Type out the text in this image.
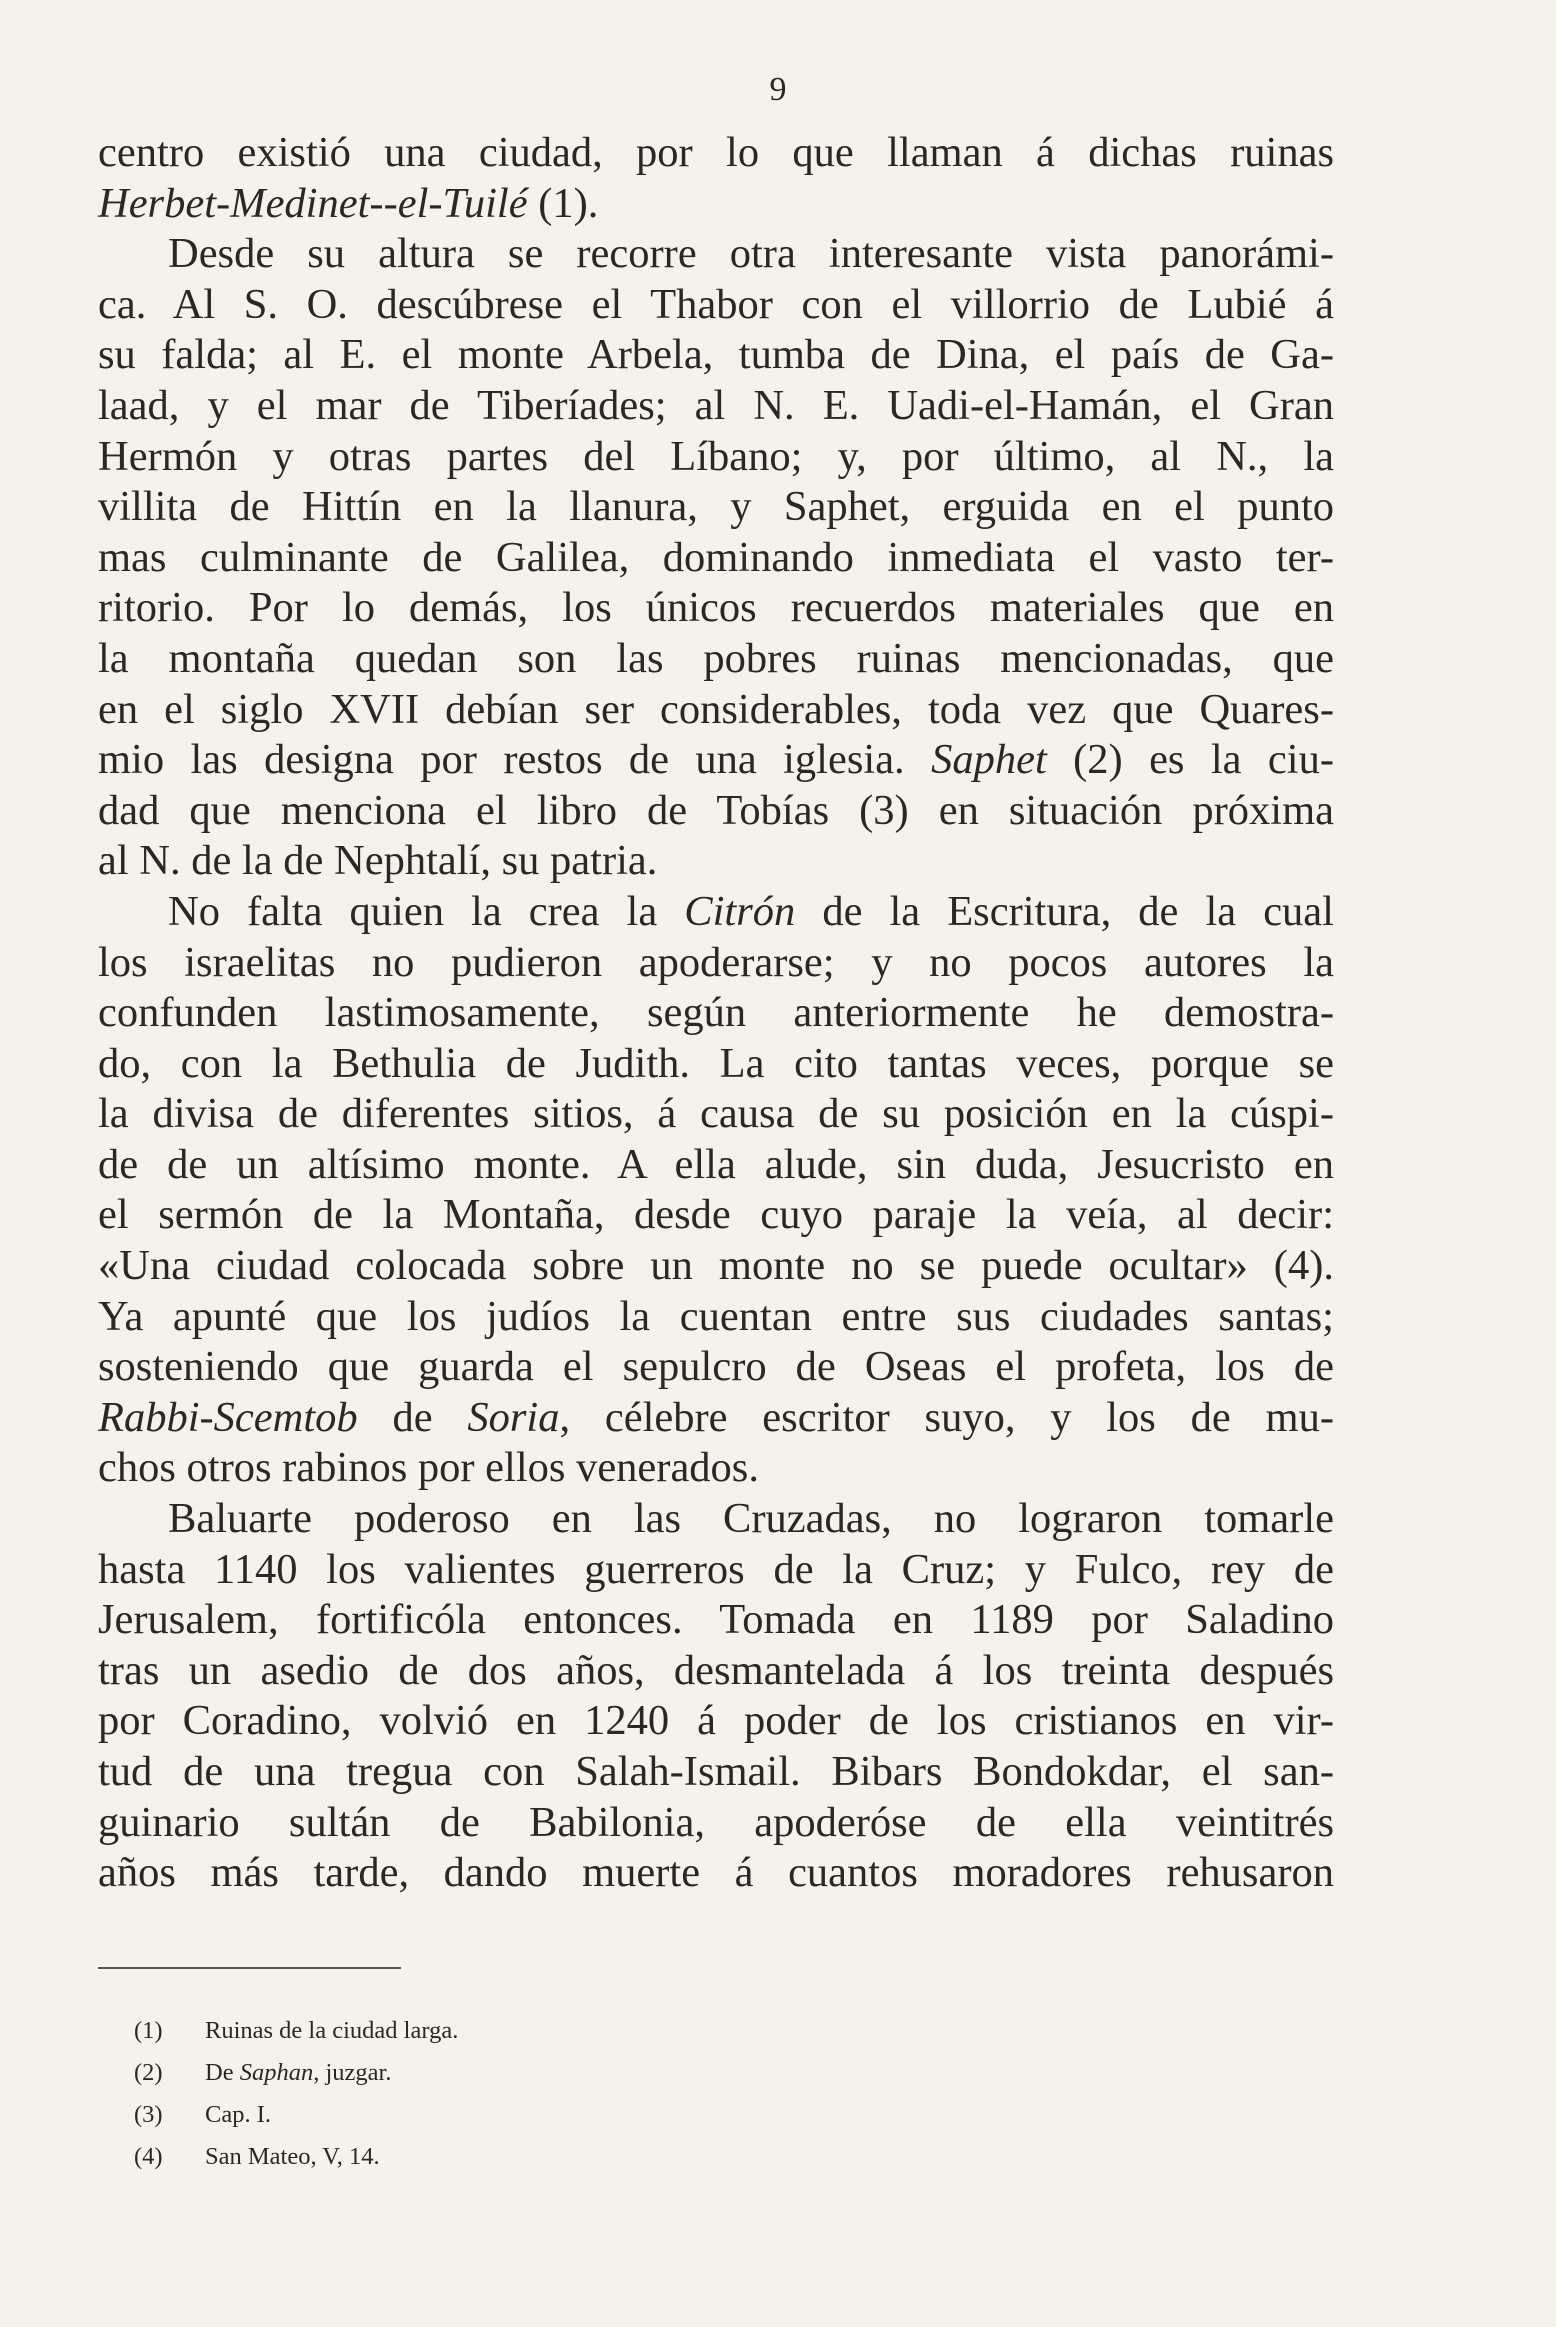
9
centro existió una ciudad, por lo que llaman á dichas ruinas
Herbet-Medinet--el-Tuilé (1).
Desde su altura se recorre otra interesante vista panorámi-
ca. Al S. O. descúbrese el Thabor con el villorrio de Lubié á
su falda; al E. el monte Arbela, tumba de Dina, el país de Ga-
laad, y el mar de Tiberíades; al N. E. Uadi-el-Hamán, el Gran
Hermón y otras partes del Líbano; y, por último, al N., la
villita de Hittín en la llanura, y Saphet, erguida en el punto
mas culminante de Galilea, dominando inmediata el vasto ter-
ritorio. Por lo demás, los únicos recuerdos materiales que en
la montaña quedan son las pobres ruinas mencionadas, que
en el siglo XVII debían ser considerables, toda vez que Quares-
mio las designa por restos de una iglesia. Saphet (2) es la ciu-
dad que menciona el libro de Tobías (3) en situación próxima
al N. de la de Nephtalí, su patria.
No falta quien la crea la Citrón de la Escritura, de la cual
los israelitas no pudieron apoderarse; y no pocos autores la
confunden lastimosamente, según anteriormente he demostra-
do, con la Bethulia de Judith. La cito tantas veces, porque se
la divisa de diferentes sitios, á causa de su posición en la cúspi-
de de un altísimo monte. A ella alude, sin duda, Jesucristo en
el sermón de la Montaña, desde cuyo paraje la veía, al decir:
«Una ciudad colocada sobre un monte no se puede ocultar» (4).
Ya apunté que los judíos la cuentan entre sus ciudades santas;
sosteniendo que guarda el sepulcro de Oseas el profeta, los de
Rabbi-Scemtob de Soria, célebre escritor suyo, y los de mu-
chos otros rabinos por ellos venerados.
Baluarte poderoso en las Cruzadas, no lograron tomarle
hasta 1140 los valientes guerreros de la Cruz; y Fulco, rey de
Jerusalem, fortificóla entonces. Tomada en 1189 por Saladino
tras un asedio de dos años, desmantelada á los treinta después
por Coradino, volvió en 1240 á poder de los cristianos en vir-
tud de una tregua con Salah-Ismail. Bibars Bondokdar, el san-
guinario sultán de Babilonia, apoderóse de ella veintitrés
años más tarde, dando muerte á cuantos moradores rehusaron
(1) Ruinas de la ciudad larga.
(2) De Saphan, juzgar.
(3) Cap. I.
(4) San Mateo, V, 14.
